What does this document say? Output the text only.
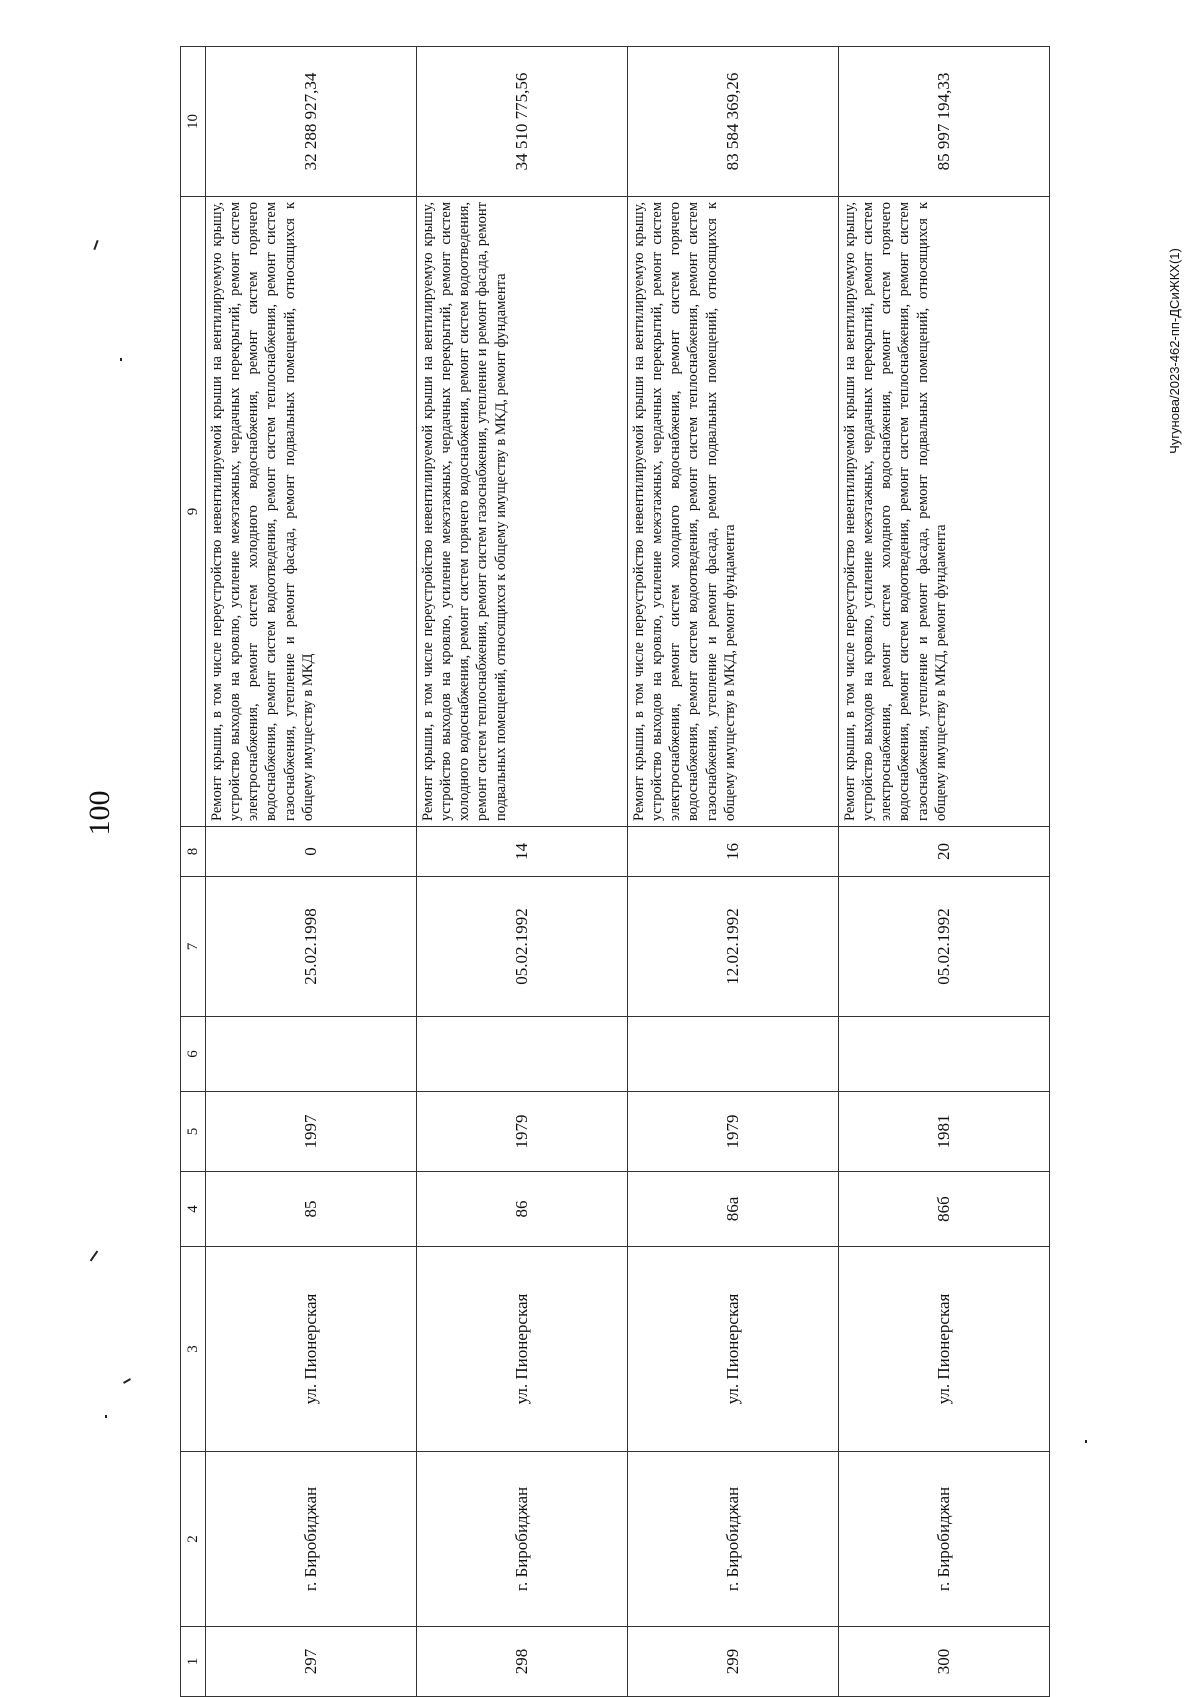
100
1	2	3	4	5	6	7	8	9	10
297	г. Биробиджан	ул. Пионерская	85	1997		25.02.1998	0	Ремонт крыши, в том числе переустройство невентилируемой крыши на вентилируемую крышу, устройство выходов на кровлю, усиление межэтажных, чердачных перекрытий, ремонт систем электроснабжения, ремонт систем холодного водоснабжения, ремонт систем горячего водоснабжения, ремонт систем водоотведения, ремонт систем теплоснабжения, ремонт систем газоснабжения, утепление и ремонт фасада, ремонт подвальных помещений, относящихся к общему имуществу в МКД	32 288 927,34
298	г. Биробиджан	ул. Пионерская	86	1979		05.02.1992	14	Ремонт крыши, в том числе переустройство невентилируемой крыши на вентилируемую крышу, устройство выходов на кровлю, усиление межэтажных, чердачных перекрытий, ремонт систем холодного водоснабжения, ремонт систем горячего водоснабжения, ремонт систем водоотведения, ремонт систем теплоснабжения, ремонт систем газоснабжения, утепление и ремонт фасада, ремонт подвальных помещений, относящихся к общему имуществу в МКД, ремонт фундамента	34 510 775,56
299	г. Биробиджан	ул. Пионерская	86а	1979		12.02.1992	16	Ремонт крыши, в том числе переустройство невентилируемой крыши на вентилируемую крышу, устройство выходов на кровлю, усиление межэтажных, чердачных перекрытий, ремонт систем электроснабжения, ремонт систем холодного водоснабжения, ремонт систем горячего водоснабжения, ремонт систем водоотведения, ремонт систем теплоснабжения, ремонт систем газоснабжения, утепление и ремонт фасада, ремонт подвальных помещений, относящихся к общему имуществу в МКД, ремонт фундамента	83 584 369,26
300	г. Биробиджан	ул. Пионерская	86б	1981		05.02.1992	20	Ремонт крыши, в том числе переустройство невентилируемой крыши на вентилируемую крышу, устройство выходов на кровлю, усиление межэтажных, чердачных перекрытий, ремонт систем электроснабжения, ремонт систем холодного водоснабжения, ремонт систем горячего водоснабжения, ремонт систем водоотведения, ремонт систем теплоснабжения, ремонт систем газоснабжения, утепление и ремонт фасада, ремонт подвальных помещений, относящихся к общему имуществу в МКД, ремонт фундамента	85 997 194,33
Чугунова/2023-462-пп-ДСиЖКХ(1)
